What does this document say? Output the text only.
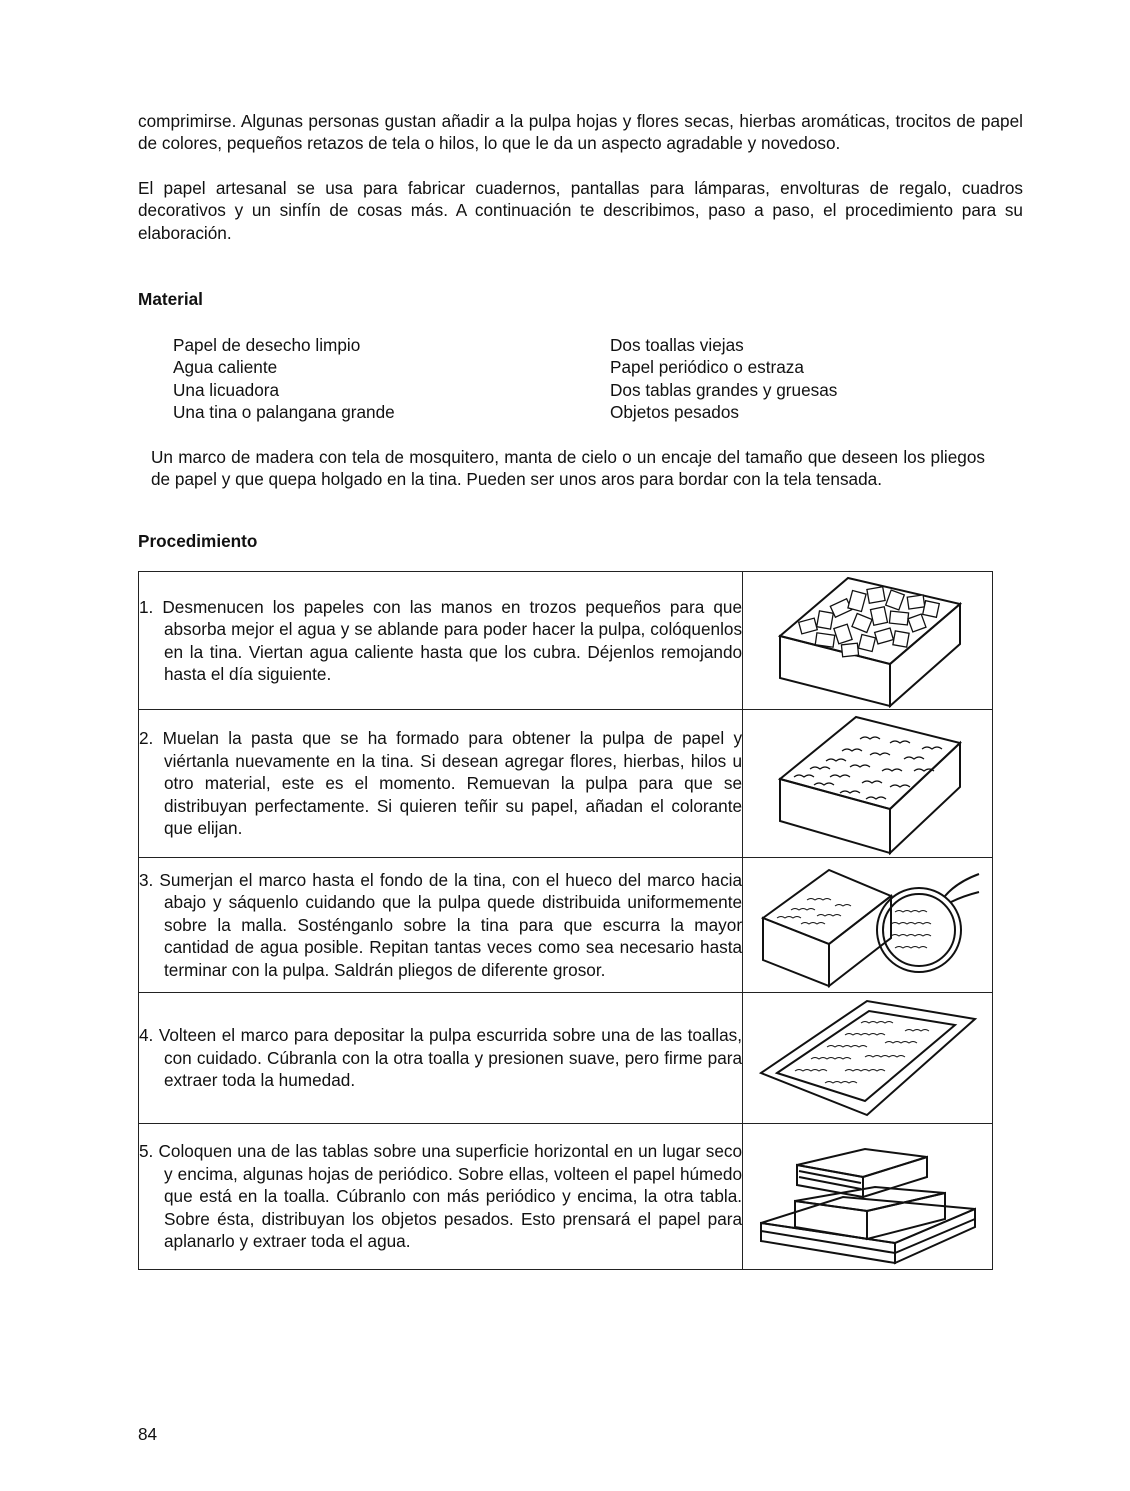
comprimirse. Algunas personas gustan añadir a la pulpa hojas y flores secas, hierbas aromáticas, trocitos de papel de colores, pequeños retazos de tela o hilos, lo que le da un aspecto agradable y novedoso.

El papel artesanal se usa para fabricar cuadernos, pantallas para lámparas, envolturas de regalo, cuadros decorativos y un sinfín de cosas más. A continuación te describimos, paso a paso, el procedimiento para su elaboración.

Material

Papel de desecho limpio
Agua caliente
Una licuadora
Una tina o palangana grande
Dos toallas viejas
Papel periódico o estraza
Dos tablas grandes y gruesas
Objetos pesados

Un marco de madera con tela de mosquitero, manta de cielo o un encaje del tamaño que deseen los pliegos de papel y que quepa holgado en la tina. Pueden ser unos aros para bordar con la tela tensada.

Procedimiento

1. Desmenucen los papeles con las manos en trozos pequeños para que absorba mejor el agua y se ablande para poder hacer la pulpa, colóquenlos en la tina. Viertan agua caliente hasta que los cubra. Déjenlos remojando hasta el día siguiente.

2. Muelan la pasta que se ha formado para obtener la pulpa de papel y viértanla nuevamente en la tina. Si desean agregar flores, hierbas, hilos u otro material, este es el momento. Remuevan la pulpa para que se distribuyan perfectamente. Si quieren teñir su papel, añadan el colorante que elijan.

3. Sumerjan el marco hasta el fondo de la tina, con el hueco del marco hacia abajo y sáquenlo cuidando que la pulpa quede distribuida uniformemente sobre la malla. Sosténganlo sobre la tina para que escurra la mayor cantidad de agua posible. Repitan tantas veces como sea necesario hasta terminar con la pulpa. Saldrán pliegos de diferente grosor.

4. Volteen el marco para depositar la pulpa escurrida sobre una de las toallas, con cuidado. Cúbranla con la otra toalla y presionen suave, pero firme para extraer toda la humedad.

5. Coloquen una de las tablas sobre una superficie horizontal en un lugar seco y encima, algunas hojas de periódico. Sobre ellas, volteen el papel húmedo que está en la toalla. Cúbranlo con más periódico y encima, la otra tabla. Sobre ésta, distribuyan los objetos pesados. Esto prensará el papel para aplanarlo y extraer toda el agua.

84
